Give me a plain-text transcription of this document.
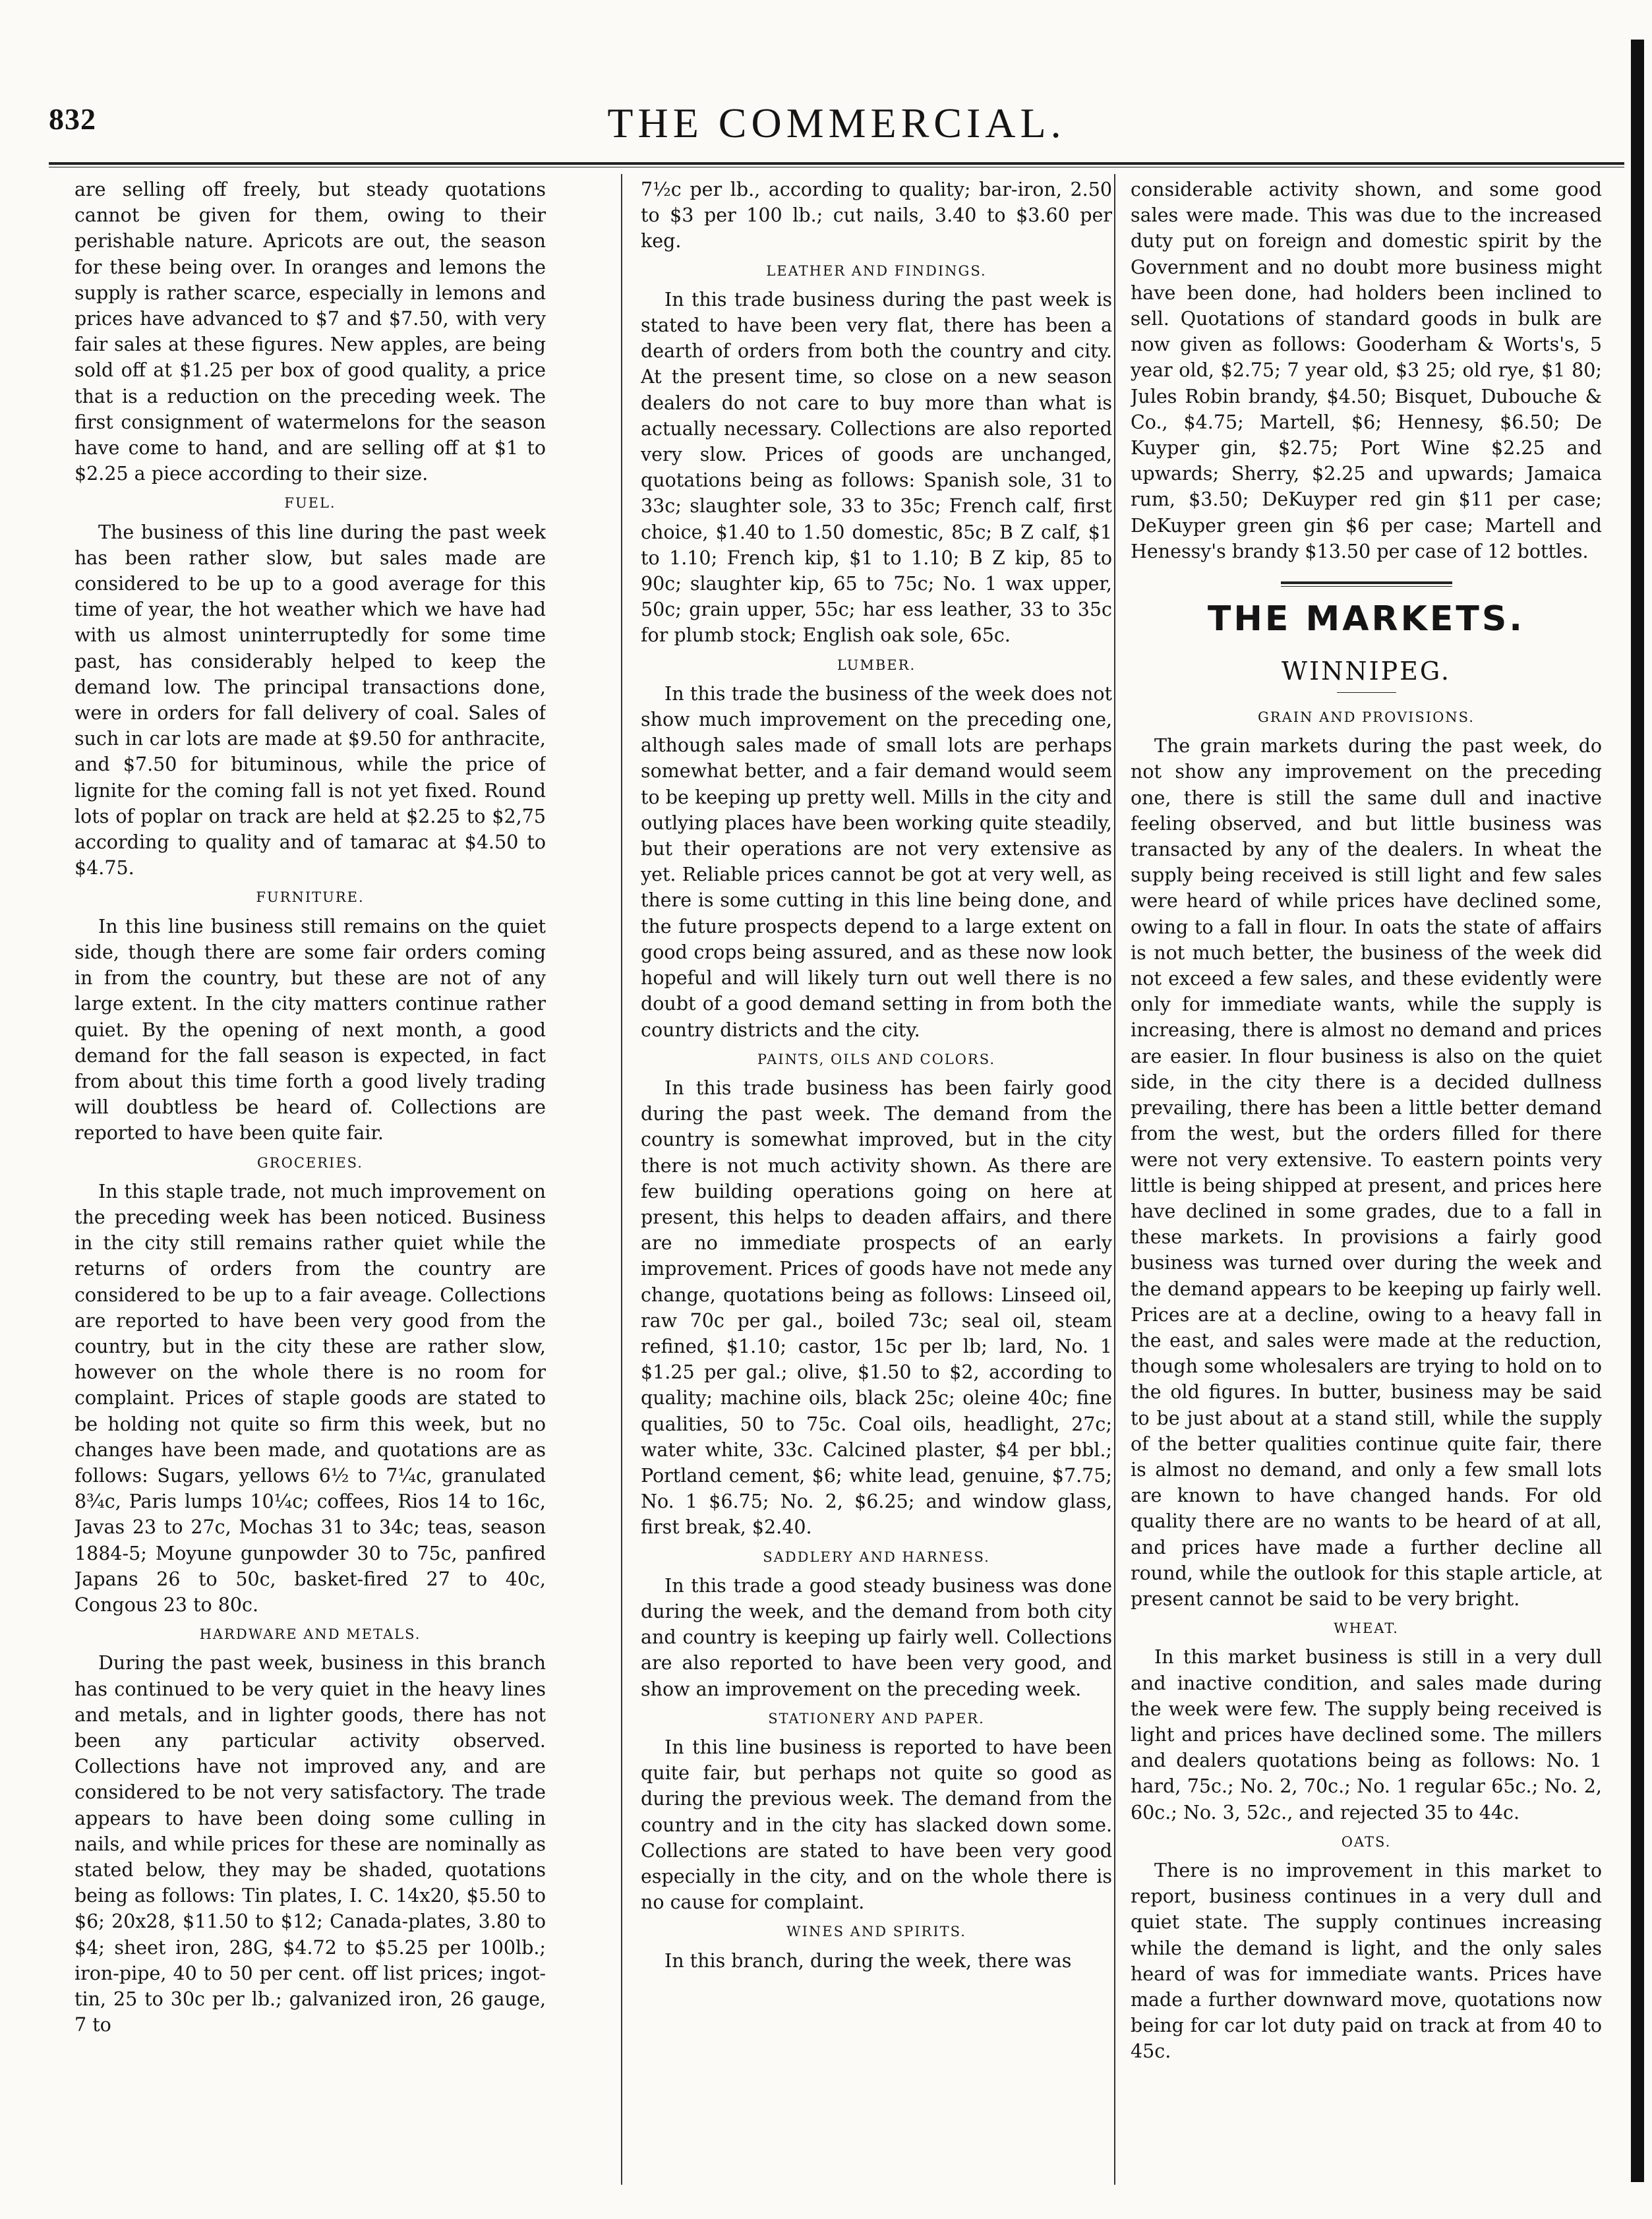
832	THE COMMERCIAL.

are selling off freely, but steady quotations cannot be given for them, owing to their perishable nature. Apricots are out, the season for these being over. In oranges and lemons the supply is rather scarce, especially in lemons and prices have advanced to $7 and $7.50, with very fair sales at these figures. New apples, are being sold off at $1.25 per box of good quality, a price that is a reduction on the preceding week. The first consignment of watermelons for the season have come to hand, and are selling off at $1 to $2.25 a piece according to their size.

FUEL.

The business of this line during the past week has been rather slow, but sales made are considered to be up to a good average for this time of year, the hot weather which we have had with us almost uninterruptedly for some time past, has considerably helped to keep the demand low. The principal transactions done, were in orders for fall delivery of coal. Sales of such in car lots are made at $9.50 for anthracite, and $7.50 for bituminous, while the price of lignite for the coming fall is not yet fixed. Round lots of poplar on track are held at $2.25 to $2,75 according to quality and of tamarac at $4.50 to $4.75.

FURNITURE.

In this line business still remains on the quiet side, though there are some fair orders coming in from the country, but these are not of any large extent. In the city matters continue rather quiet. By the opening of next month, a good demand for the fall season is expected, in fact from about this time forth a good lively trading will doubtless be heard of. Collections are reported to have been quite fair.

GROCERIES.

In this staple trade, not much improvement on the preceding week has been noticed. Business in the city still remains rather quiet while the returns of orders from the country are considered to be up to a fair aveage. Collections are reported to have been very good from the country, but in the city these are rather slow, however on the whole there is no room for complaint. Prices of staple goods are stated to be holding not quite so firm this week, but no changes have been made, and quotations are as follows: Sugars, yellows 6½ to 7¼c, granulated 8¾c, Paris lumps 10¼c; coffees, Rios 14 to 16c, Javas 23 to 27c, Mochas 31 to 34c; teas, season 1884-5; Moyune gunpowder 30 to 75c, panfired Japans 26 to 50c, basket-fired 27 to 40c, Congous 23 to 80c.

HARDWARE AND METALS.

During the past week, business in this branch has continued to be very quiet in the heavy lines and metals, and in lighter goods, there has not been any particular activity observed. Collections have not improved any, and are considered to be not very satisfactory. The trade appears to have been doing some culling in nails, and while prices for these are nominally as stated below, they may be shaded, quotations being as follows: Tin plates, I. C. 14x20, $5.50 to $6; 20x28, $11.50 to $12; Canada-plates, 3.80 to $4; sheet iron, 28G, $4.72 to $5.25 per 100lb.; iron-pipe, 40 to 50 per cent. off list prices; ingot-tin, 25 to 30c per lb.; galvanized iron, 26 gauge, 7 to

7½c per lb., according to quality; bar-iron, 2.50 to $3 per 100 lb.; cut nails, 3.40 to $3.60 per keg.

LEATHER AND FINDINGS.

In this trade business during the past week is stated to have been very flat, there has been a dearth of orders from both the country and city. At the present time, so close on a new season dealers do not care to buy more than what is actually necessary. Collections are also reported very slow. Prices of goods are unchanged, quotations being as follows: Spanish sole, 31 to 33c; slaughter sole, 33 to 35c; French calf, first choice, $1.40 to 1.50 domestic, 85c; B Z calf, $1 to 1.10; French kip, $1 to 1.10; B Z kip, 85 to 90c; slaughter kip, 65 to 75c; No. 1 wax upper, 50c; grain upper, 55c; har ess leather, 33 to 35c for plumb stock; English oak sole, 65c.

LUMBER.

In this trade the business of the week does not show much improvement on the preceding one, although sales made of small lots are perhaps somewhat better, and a fair demand would seem to be keeping up pretty well. Mills in the city and outlying places have been working quite steadily, but their operations are not very extensive as yet. Reliable prices cannot be got at very well, as there is some cutting in this line being done, and the future prospects depend to a large extent on good crops being assured, and as these now look hopeful and will likely turn out well there is no doubt of a good demand setting in from both the country districts and the city.

PAINTS, OILS AND COLORS.

In this trade business has been fairly good during the past week. The demand from the country is somewhat improved, but in the city there is not much activity shown. As there are few building operations going on here at present, this helps to deaden affairs, and there are no immediate prospects of an early improvement. Prices of goods have not mede any change, quotations being as follows: Linseed oil, raw 70c per gal., boiled 73c; seal oil, steam refined, $1.10; castor, 15c per lb; lard, No. 1 $1.25 per gal.; olive, $1.50 to $2, according to quality; machine oils, black 25c; oleine 40c; fine qualities, 50 to 75c. Coal oils, headlight, 27c; water white, 33c. Calcined plaster, $4 per bbl.; Portland cement, $6; white lead, genuine, $7.75; No. 1 $6.75; No. 2, $6.25; and window glass, first break, $2.40.

SADDLERY AND HARNESS.

In this trade a good steady business was done during the week, and the demand from both city and country is keeping up fairly well. Collections are also reported to have been very good, and show an improvement on the preceding week.

STATIONERY AND PAPER.

In this line business is reported to have been quite fair, but perhaps not quite so good as during the previous week. The demand from the country and in the city has slacked down some. Collections are stated to have been very good especially in the city, and on the whole there is no cause for complaint.

WINES AND SPIRITS.

In this branch, during the week, there was

considerable activity shown, and some good sales were made. This was due to the increased duty put on foreign and domestic spirit by the Government and no doubt more business might have been done, had holders been inclined to sell. Quotations of standard goods in bulk are now given as follows: Gooderham & Worts's, 5 year old, $2.75; 7 year old, $3 25; old rye, $1 80; Jules Robin brandy, $4.50; Bisquet, Dubouche & Co., $4.75; Martell, $6; Hennesy, $6.50; De Kuyper gin, $2.75; Port Wine $2.25 and upwards; Sherry, $2.25 and upwards; Jamaica rum, $3.50; DeKuyper red gin $11 per case; DeKuyper green gin $6 per case; Martell and Henessy's brandy $13.50 per case of 12 bottles.

THE MARKETS.
WINNIPEG.
GRAIN AND PROVISIONS.

The grain markets during the past week, do not show any improvement on the preceding one, there is still the same dull and inactive feeling observed, and but little business was transacted by any of the dealers. In wheat the supply being received is still light and few sales were heard of while prices have declined some, owing to a fall in flour. In oats the state of affairs is not much better, the business of the week did not exceed a few sales, and these evidently were only for immediate wants, while the supply is increasing, there is almost no demand and prices are easier. In flour business is also on the quiet side, in the city there is a decided dullness prevailing, there has been a little better demand from the west, but the orders filled for there were not very extensive. To eastern points very little is being shipped at present, and prices here have declined in some grades, due to a fall in these markets. In provisions a fairly good business was turned over during the week and the demand appears to be keeping up fairly well. Prices are at a decline, owing to a heavy fall in the east, and sales were made at the reduction, though some wholesalers are trying to hold on to the old figures. In butter, business may be said to be just about at a stand still, while the supply of the better qualities continue quite fair, there is almost no demand, and only a few small lots are known to have changed hands. For old quality there are no wants to be heard of at all, and prices have made a further decline all round, while the outlook for this staple article, at present cannot be said to be very bright.

WHEAT.

In this market business is still in a very dull and inactive condition, and sales made during the week were few. The supply being received is light and prices have declined some. The millers and dealers quotations being as follows: No. 1 hard, 75c.; No. 2, 70c.; No. 1 regular 65c.; No. 2, 60c.; No. 3, 52c., and rejected 35 to 44c.

OATS.

There is no improvement in this market to report, business continues in a very dull and quiet state. The supply continues increasing while the demand is light, and the only sales heard of was for immediate wants. Prices have made a further downward move, quotations now being for car lot duty paid on track at from 40 to 45c.
